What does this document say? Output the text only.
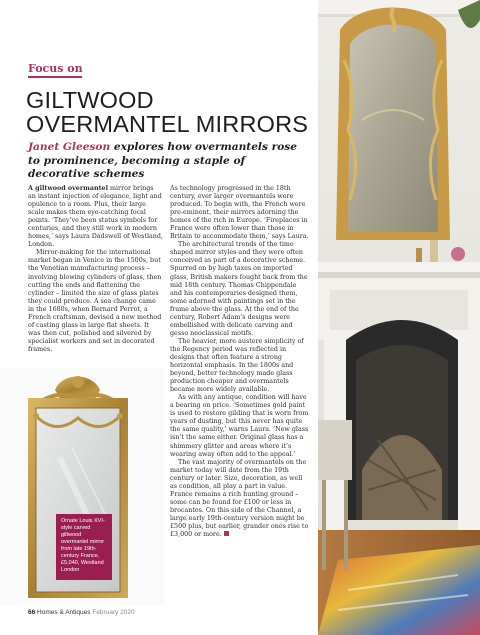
Focus on
GILTWOOD OVERMANTEL MIRRORS
Janet Gleeson explores how overmantels rose to prominence, becoming a staple of decorative schemes

A giltwood overmantel mirror brings an instant injection of elegance, light and opulence to a room. Plus, their large scale makes them eye-catching focal points. ‘They’ve been status symbols for centuries, and they still work in modern homes,’ says Laura Dadswell of Westland, London.

Mirror-making for the international market began in Venice in the 1500s, but the Venetian manufacturing process – involving blowing cylinders of glass, then cutting the ends and flattening the cylinder – limited the size of glass plates they could produce. A sea change came in the 1680s, when Bernard Perrot, a French craftsman, devised a new method of casting glass in large flat sheets. It was then cut, polished and silvered by specialist workers and set in decorated frames.

As technology progressed in the 18th century, ever larger overmantels were produced. To begin with, the French were pre-eminent, their mirrors adorning the homes of the rich in Europe. ‘Fireplaces in France were often lower than those in Britain to accommodate them,’ says Laura.

The architectural trends of the time shaped mirror styles and they were often conceived as part of a decorative scheme. Spurred on by high taxes on imported glass, British makers fought back from the mid 18th century. Thomas Chippendale and his contemporaries designed them, some adorned with paintings set in the frame above the glass. At the end of the century, Robert Adam’s designs were embellished with delicate carving and gesso neoclassical motifs.

The heavier, more austere simplicity of the Regency period was reflected in designs that often feature a strong horizontal emphasis. In the 1800s and beyond, better technology made glass production cheaper and overmantels became more widely available.

As with any antique, condition will have a bearing on price. ‘Sometimes gold paint is used to restore gilding that is worn from years of dusting, but this never has quite the same quality,’ warns Laura. ‘New glass isn’t the same either. Original glass has a shimmery glitter and areas where it’s wearing away often add to the appeal.’

The vast majority of overmantels on the market today will date from the 19th century or later. Size, decoration, as well as condition, all play a part in value. France remains a rich hunting ground – some can be found for £100 or less in brocantes. On this side of the Channel, a large early 19th-century version might be £500 plus, but earlier, grander ones rise to £3,000 or more.

Ornate Louis XVI-style carved giltwood overmantel mirror from late 19th-century France, £5,040, Westland London
66 Homes & Antiques February 2020
